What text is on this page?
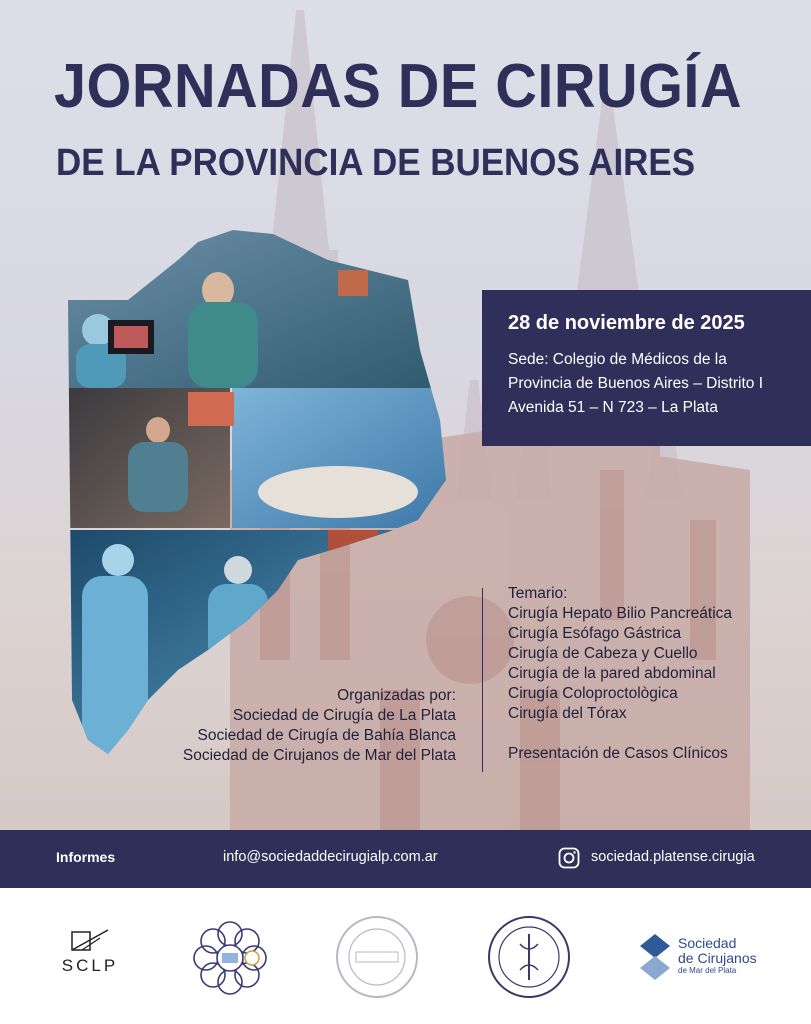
JORNADAS DE CIRUGÍA
DE LA PROVINCIA DE BUENOS AIRES
28 de noviembre de 2025
Sede: Colegio de Médicos de la
Provincia de Buenos Aires – Distrito I
Avenida 51 – N 723 – La Plata
Organizadas por:
Sociedad de Cirugía de La Plata
Sociedad de Cirugía de Bahía Blanca
Sociedad de Cirujanos de Mar del Plata
Temario:
Cirugía Hepato Bilio Pancreática
Cirugía Esófago Gástrica
Cirugía de Cabeza y Cuello
Cirugía de la pared abdominal
Cirugía Coloproctològica
Cirugía del Tórax
Presentación de Casos Clínicos
Informes	info@sociedaddecirugialp.com.ar	sociedad.platense.cirugia
SCLP
Sociedad
de Cirujanos
de Mar del Plata
